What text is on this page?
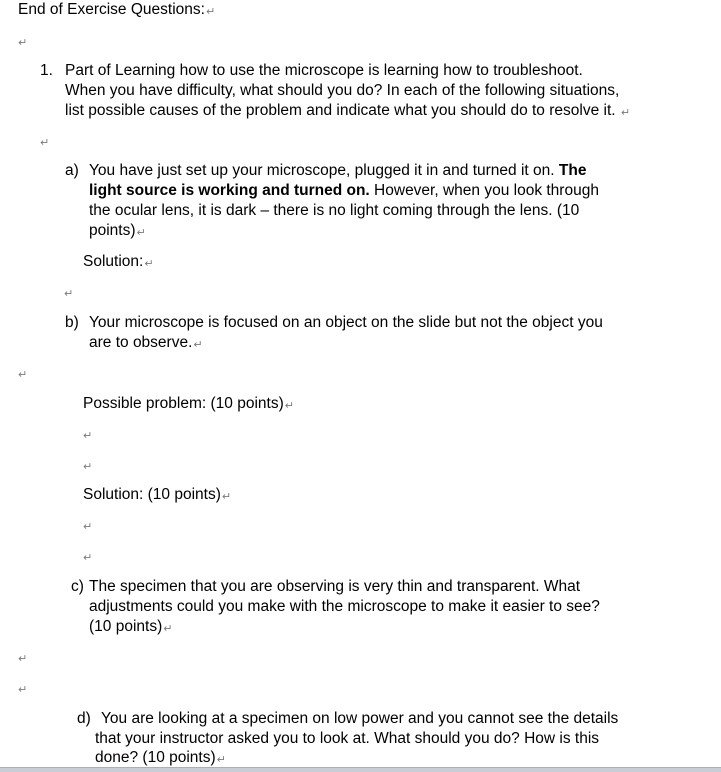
End of Exercise Questions:↵
↵
1. Part of Learning how to use the microscope is learning how to troubleshoot.
When you have difficulty, what should you do? In each of the following situations,
list possible causes of the problem and indicate what you should do to resolve it. ↵
↵
a) You have just set up your microscope, plugged it in and turned it on. The
light source is working and turned on. However, when you look through
the ocular lens, it is dark – there is no light coming through the lens. (10
points)↵
Solution:↵
↵
b) Your microscope is focused on an object on the slide but not the object you
are to observe.↵
↵
Possible problem: (10 points)↵
↵
↵
Solution: (10 points)↵
↵
↵
c) The specimen that you are observing is very thin and transparent. What
adjustments could you make with the microscope to make it easier to see?
(10 points)↵
↵
↵
d) You are looking at a specimen on low power and you cannot see the details
that your instructor asked you to look at. What should you do? How is this
done? (10 points)↵
